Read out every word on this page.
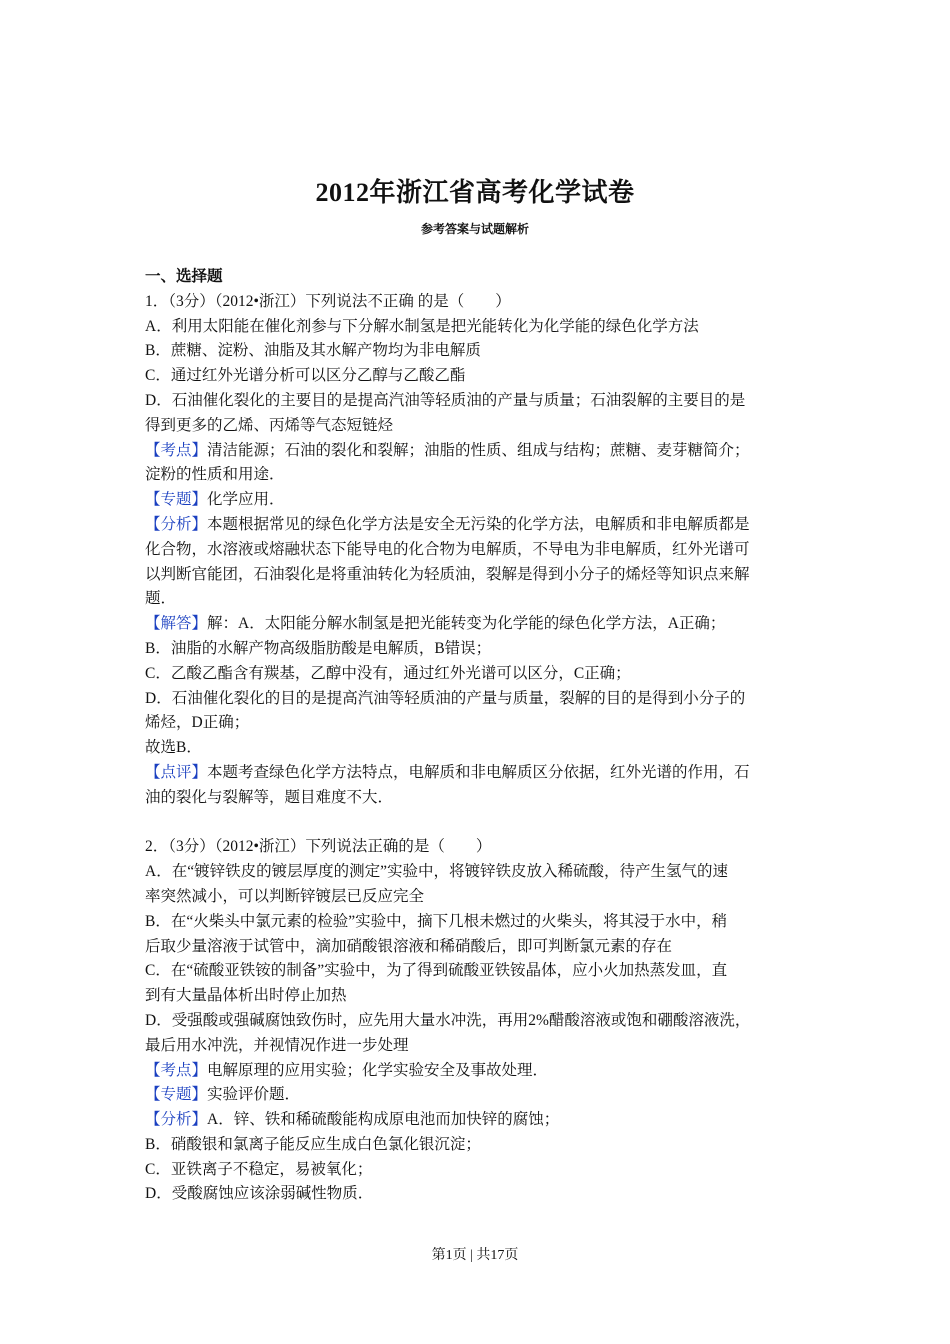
2012年浙江省高考化学试卷
参考答案与试题解析
一、选择题
1．（3分）（2012•浙江）下列说法不正确 的是（　　）
A．利用太阳能在催化剂参与下分解水制氢是把光能转化为化学能的绿色化学方法
B．蔗糖、淀粉、油脂及其水解产物均为非电解质
C．通过红外光谱分析可以区分乙醇与乙酸乙酯
D．石油催化裂化的主要目的是提高汽油等轻质油的产量与质量；石油裂解的主要目的是
得到更多的乙烯、丙烯等气态短链烃
【考点】清洁能源；石油的裂化和裂解；油脂的性质、组成与结构；蔗糖、麦芽糖简介；
淀粉的性质和用途．
【专题】化学应用．
【分析】本题根据常见的绿色化学方法是安全无污染的化学方法，电解质和非电解质都是
化合物，水溶液或熔融状态下能导电的化合物为电解质，不导电为非电解质，红外光谱可
以判断官能团，石油裂化是将重油转化为轻质油，裂解是得到小分子的烯烃等知识点来解
题．
【解答】解：A．太阳能分解水制氢是把光能转变为化学能的绿色化学方法，A正确；
B．油脂的水解产物高级脂肪酸是电解质，B错误；
C．乙酸乙酯含有羰基，乙醇中没有，通过红外光谱可以区分，C正确；
D．石油催化裂化的目的是提高汽油等轻质油的产量与质量，裂解的目的是得到小分子的
烯烃，D正确；
故选B．
【点评】本题考查绿色化学方法特点，电解质和非电解质区分依据，红外光谱的作用，石
油的裂化与裂解等，题目难度不大．
2．（3分）（2012•浙江）下列说法正确的是（　　）
A．在“镀锌铁皮的镀层厚度的测定”实验中，将镀锌铁皮放入稀硫酸，待产生氢气的速
率突然减小，可以判断锌镀层已反应完全
B．在“火柴头中氯元素的检验”实验中，摘下几根未燃过的火柴头，将其浸于水中，稍
后取少量溶液于试管中，滴加硝酸银溶液和稀硝酸后，即可判断氯元素的存在
C．在“硫酸亚铁铵的制备”实验中，为了得到硫酸亚铁铵晶体，应小火加热蒸发皿，直
到有大量晶体析出时停止加热
D．受强酸或强碱腐蚀致伤时，应先用大量水冲洗，再用2%醋酸溶液或饱和硼酸溶液洗，
最后用水冲洗，并视情况作进一步处理
【考点】电解原理的应用实验；化学实验安全及事故处理．
【专题】实验评价题．
【分析】A．锌、铁和稀硫酸能构成原电池而加快锌的腐蚀；
B．硝酸银和氯离子能反应生成白色氯化银沉淀；
C．亚铁离子不稳定，易被氧化；
D．受酸腐蚀应该涂弱碱性物质．
第1页 | 共17页
